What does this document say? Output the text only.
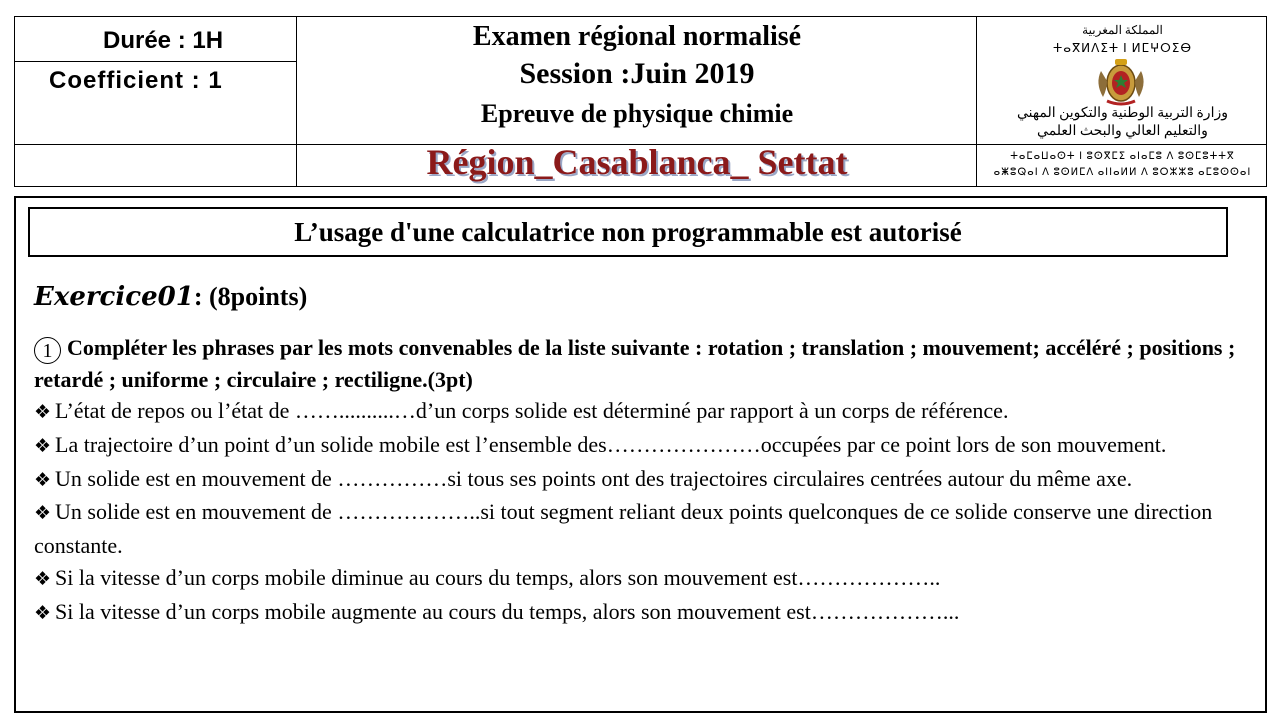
Durée : 1H
Coefficient : 1
Examen régional normalisé
Session :Juin 2019
Epreuve de physique chimie
Région_Casablanca_ Settat
المملكة المغربية
ⵜⴰⴳⵍⴷⵉⵜ ⵏ ⵍⵎⵖⵔⵉⴱ
وزارة التربية الوطنية والتكوين المهني
والتعليم العالي والبحث العلمي
ⵜⴰⵎⴰⵡⴰⵙⵜ ⵏ ⵓⵙⴳⵎⵉ ⴰⵏⴰⵎⵓ ⴷ ⵓⵙⵎⵓⵜⵜⴳ
ⴰⵥⵓⵕⴰⵏ ⴷ ⵓⵙⵍⵎⴷ ⴰⵏⵏⴰⵍⵍ ⴷ ⵓⵔⵣⵣⵓ ⴰⵎⵓⵙⵙⴰⵏ
L’usage d'une calculatrice non programmable est autorisé
Exercice01: (8points)
1 Compléter les phrases par les mots convenables de la liste suivante : rotation ; translation ; mouvement; accéléré ; positions ; retardé ; uniforme ; circulaire ; rectiligne.(3pt)

❖ L’état de repos ou l’état de ……..........…d’un corps solide est déterminé par rapport à un corps de référence.

❖ La trajectoire d’un point d’un solide mobile est l’ensemble des…………………occupées par ce point lors de son mouvement.

❖ Un solide est en mouvement de ……………si tous ses points ont des trajectoires circulaires centrées autour du même axe.

❖ Un solide est en mouvement de ………………..si tout segment reliant deux points quelconques de ce solide conserve une direction constante.

❖ Si la vitesse d’un corps mobile diminue au cours du temps, alors son mouvement est………………..

❖ Si la vitesse d’un corps mobile augmente au cours du temps, alors son mouvement est………………...
